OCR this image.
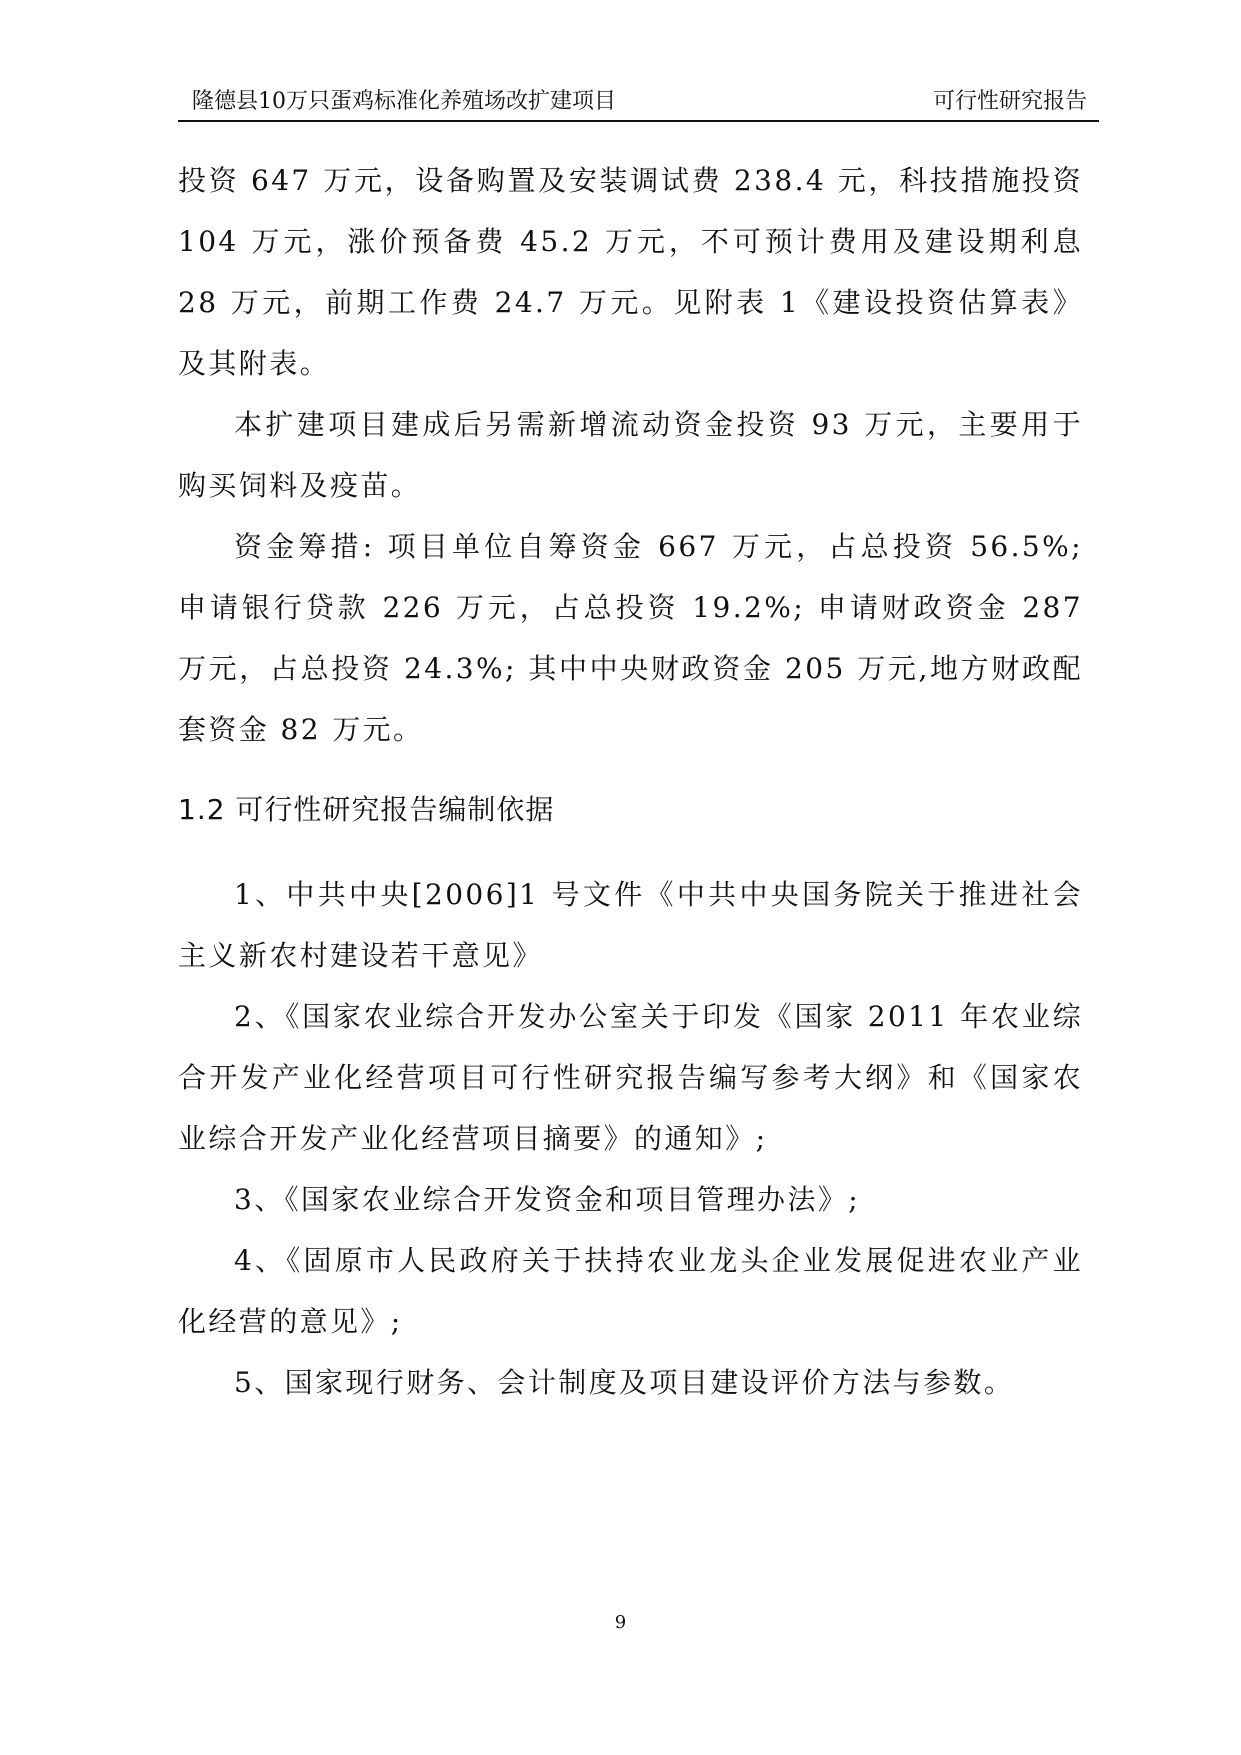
隆德县10万只蛋鸡标准化养殖场改扩建项目	可行性研究报告

投资 647 万元，设备购置及安装调试费 238.4 元，科技措施投资 104 万元，涨价预备费 45.2 万元，不可预计费用及建设期利息 28 万元，前期工作费 24.7 万元。见附表 1《建设投资估算表》及其附表。

本扩建项目建成后另需新增流动资金投资 93 万元，主要用于购买饲料及疫苗。

资金筹措: 项目单位自筹资金 667 万元，占总投资 56.5%; 申请银行贷款 226 万元，占总投资 19.2%; 申请财政资金 287 万元，占总投资 24.3%; 其中中央财政资金 205 万元,地方财政配套资金 82 万元。

1.2 可行性研究报告编制依据

1、中共中央[2006]1 号文件《中共中央国务院关于推进社会主义新农村建设若干意见》

2、《国家农业综合开发办公室关于印发《国家 2011 年农业综合开发产业化经营项目可行性研究报告编写参考大纲》和《国家农业综合开发产业化经营项目摘要》的通知》;

3、《国家农业综合开发资金和项目管理办法》;

4、《固原市人民政府关于扶持农业龙头企业发展促进农业产业化经营的意见》;

5、国家现行财务、会计制度及项目建设评价方法与参数。

9
